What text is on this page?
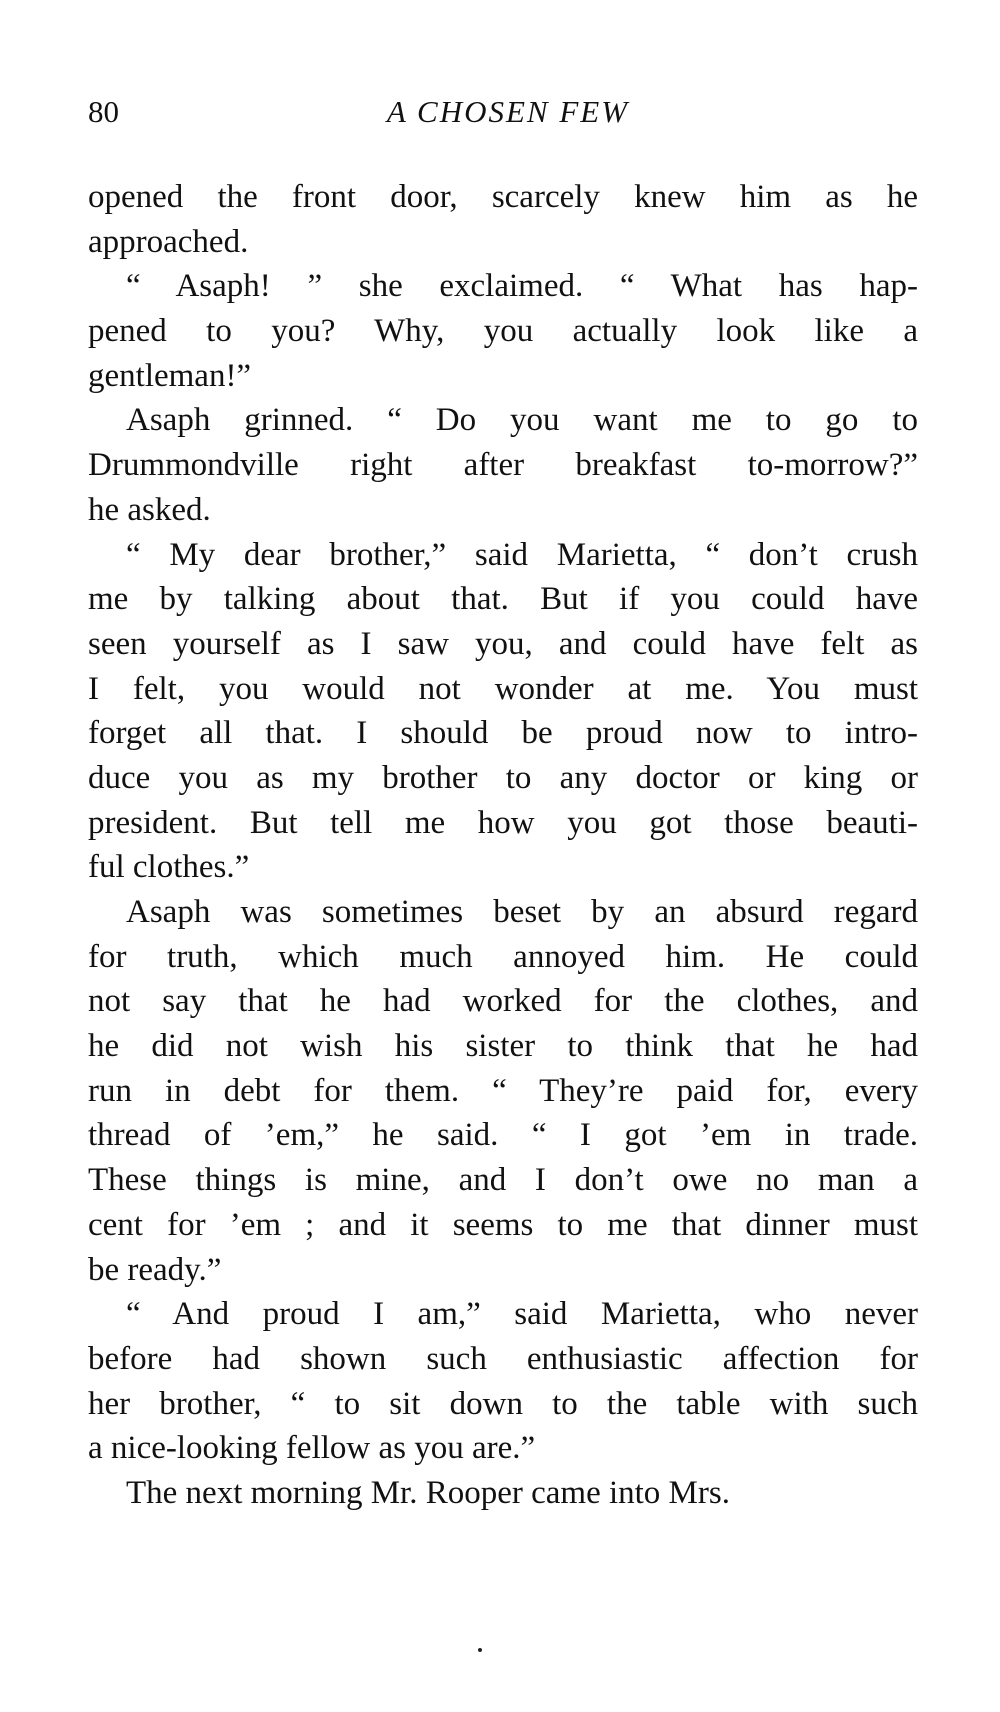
80	A CHOSEN FEW
opened the front door, scarcely knew him as he
approached.
“ Asaph! ” she exclaimed. “ What has hap-
pened to you? Why, you actually look like a
gentleman!”
Asaph grinned. “ Do you want me to go to
Drummondville right after breakfast to-morrow?”
he asked.
“ My dear brother,” said Marietta, “ don’t crush
me by talking about that. But if you could have
seen yourself as I saw you, and could have felt as
I felt, you would not wonder at me. You must
forget all that. I should be proud now to intro-
duce you as my brother to any doctor or king or
president. But tell me how you got those beauti-
ful clothes.”
Asaph was sometimes beset by an absurd regard
for truth, which much annoyed him. He could
not say that he had worked for the clothes, and
he did not wish his sister to think that he had
run in debt for them. “ They’re paid for, every
thread of ’em,” he said. “ I got ’em in trade.
These things is mine, and I don’t owe no man a
cent for ’em ; and it seems to me that dinner must
be ready.”
“ And proud I am,” said Marietta, who never
before had shown such enthusiastic affection for
her brother, “ to sit down to the table with such
a nice-looking fellow as you are.”
The next morning Mr. Rooper came into Mrs.
